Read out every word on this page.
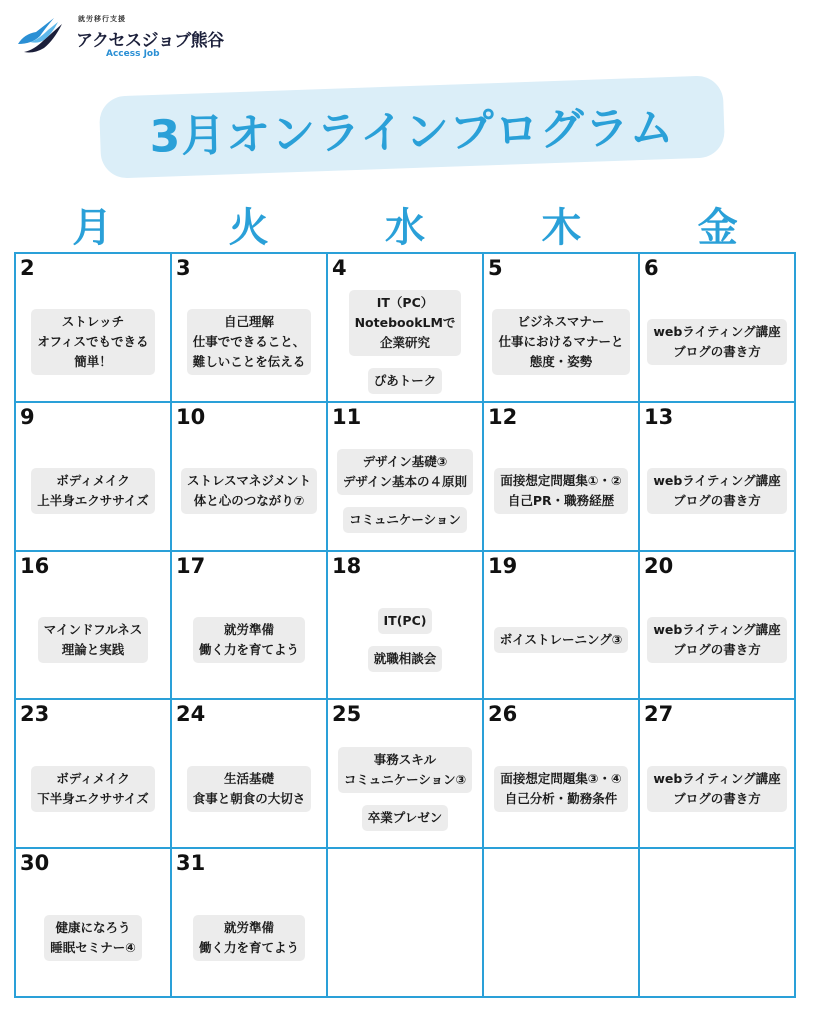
就労移行支援
アクセスジョブ熊谷
Access Job
3月オンラインプログラム
月	火	水	木	金
2
ストレッチ
オフィスでもできる
簡単！
3
自己理解
仕事でできること、
難しいことを伝える
4
IT（PC）
NotebookLMで
企業研究
ぴあトーク
5
ビジネスマナー
仕事におけるマナーと
態度・姿勢
6
webライティング講座
ブログの書き方
9
ボディメイク
上半身エクササイズ
10
ストレスマネジメント
体と心のつながり⑦
11
デザイン基礎③
デザイン基本の４原則
コミュニケーション
12
面接想定問題集①・②
自己PR・職務経歴
13
webライティング講座
ブログの書き方
16
マインドフルネス
理論と実践
17
就労準備
働く力を育てよう
18
IT(PC)
就職相談会
19
ボイストレーニング③
20
webライティング講座
ブログの書き方
23
ボディメイク
下半身エクササイズ
24
生活基礎
食事と朝食の大切さ
25
事務スキル
コミュニケーション③
卒業プレゼン
26
面接想定問題集③・④
自己分析・勤務条件
27
webライティング講座
ブログの書き方
30
健康になろう
睡眠セミナー④
31
就労準備
働く力を育てよう
